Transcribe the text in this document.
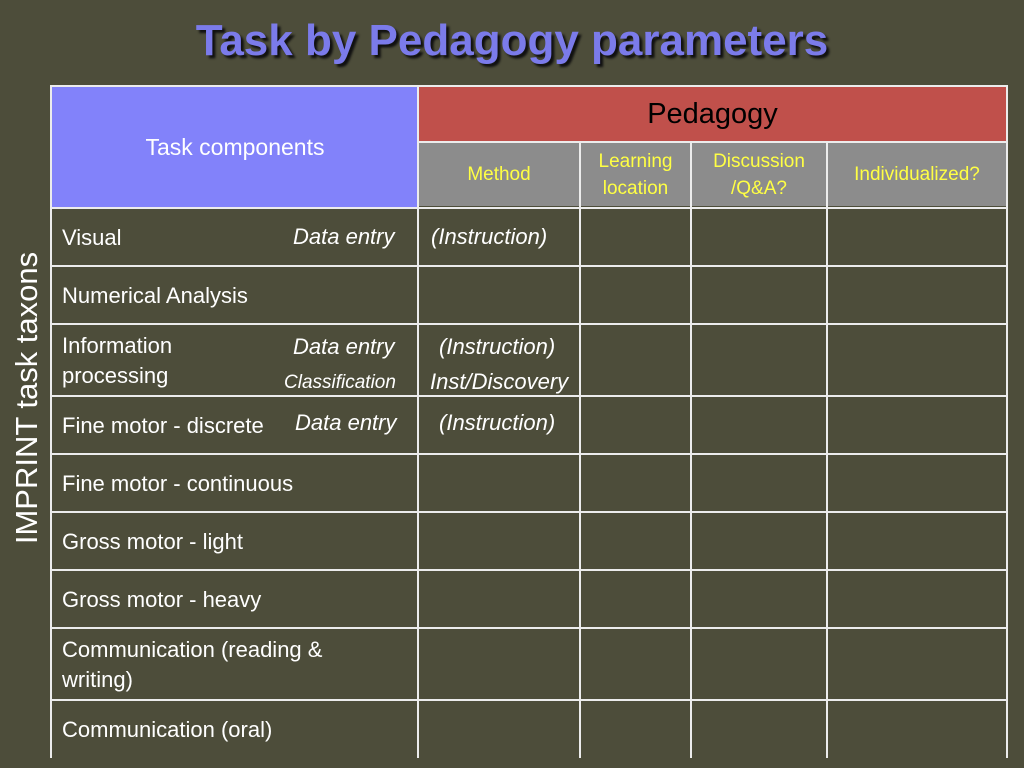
Task by Pedagogy parameters
IMPRINT task taxons
Task components
Pedagogy
Method
Learning location
Discussion /Q&A?
Individualized?
Visual	Data entry (Instruction)
Numerical Analysis
Information processing
Data entry (Instruction)
Classification	Inst/Discovery
Fine motor - discrete Data entry (Instruction)
Fine motor - continuous
Gross motor - light
Gross motor - heavy
Communication (reading & writing)
Communication (oral)
